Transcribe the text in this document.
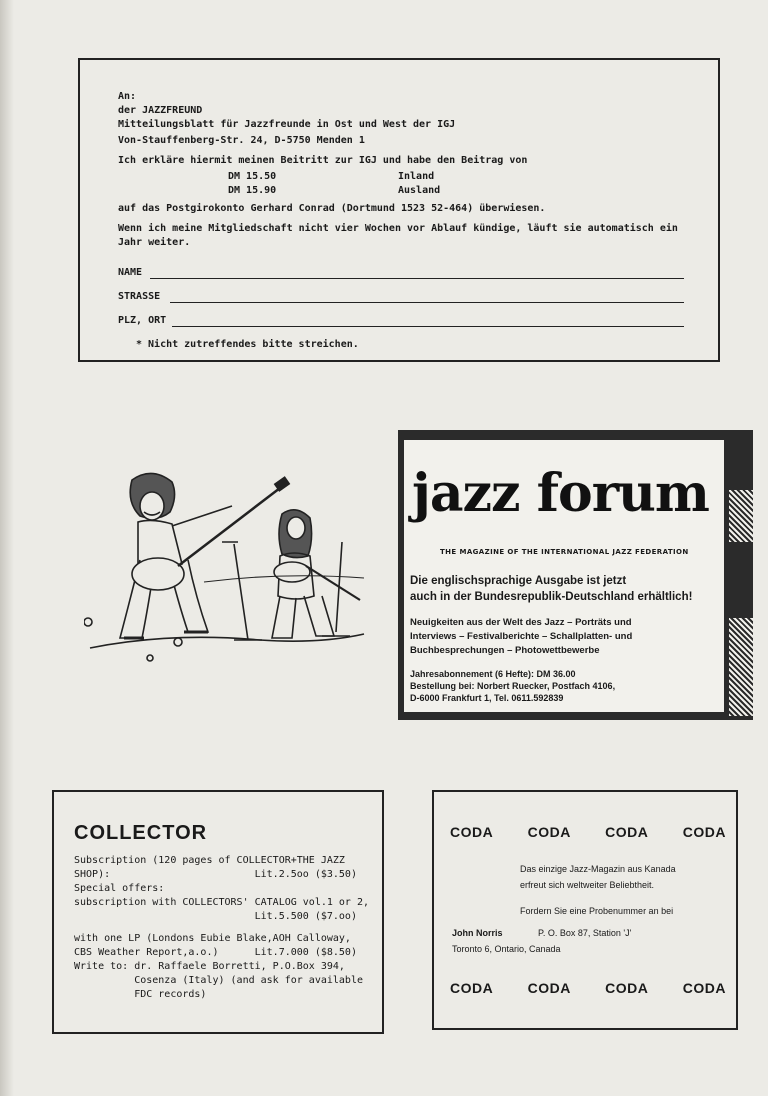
An:
der JAZZFREUND
Mitteilungsblatt für Jazzfreunde in Ost und West der IGJ
Von-Stauffenberg-Str. 24, D-5750 Menden 1
Ich erkläre hiermit meinen Beitritt zur IGJ und habe den Beitrag von
DM 15.50	Inland
DM 15.90	Ausland
auf das Postgirokonto Gerhard Conrad (Dortmund 1523 52-464) überwiesen.
Wenn ich meine Mitgliedschaft nicht vier Wochen vor Ablauf kündige, läuft sie automatisch ein
Jahr weiter.
NAME
STRASSE
PLZ, ORT
* Nicht zutreffendes bitte streichen.
jazz forum
THE MAGAZINE OF THE INTERNATIONAL JAZZ FEDERATION
Die englischsprachige Ausgabe ist jetzt
auch in der Bundesrepublik-Deutschland erhältlich!
Neuigkeiten aus der Welt des Jazz – Porträts und
Interviews – Festivalberichte – Schallplatten- und
Buchbesprechungen – Photowettbewerbe
Jahresabonnement (6 Hefte): DM 36.00
Bestellung bei: Norbert Ruecker, Postfach 4106,
D-6000 Frankfurt 1, Tel. 0611.592839
COLLECTOR
Subscription (120 pages of COLLECTOR+THE JAZZ
SHOP):                        Lit.2.5oo ($3.50)
Special offers:
subscription with COLLECTORS' CATALOG vol.1 or 2,
Lit.5.500 ($7.oo)
with one LP (Londons Eubie Blake,AOH Calloway,
CBS Weather Report,a.o.)      Lit.7.000 ($8.50)
Write to: dr. Raffaele Borretti, P.O.Box 394,
Cosenza (Italy) (and ask for available
FDC records)
CODA CODA CODA CODA
Das einzige Jazz-Magazin aus Kanada
erfreut sich weltweiter Beliebtheit.
Fordern Sie eine Probenummer an bei
John Norris	P. O. Box 87, Station 'J'
Toronto 6, Ontario, Canada
CODA CODA CODA CODA
